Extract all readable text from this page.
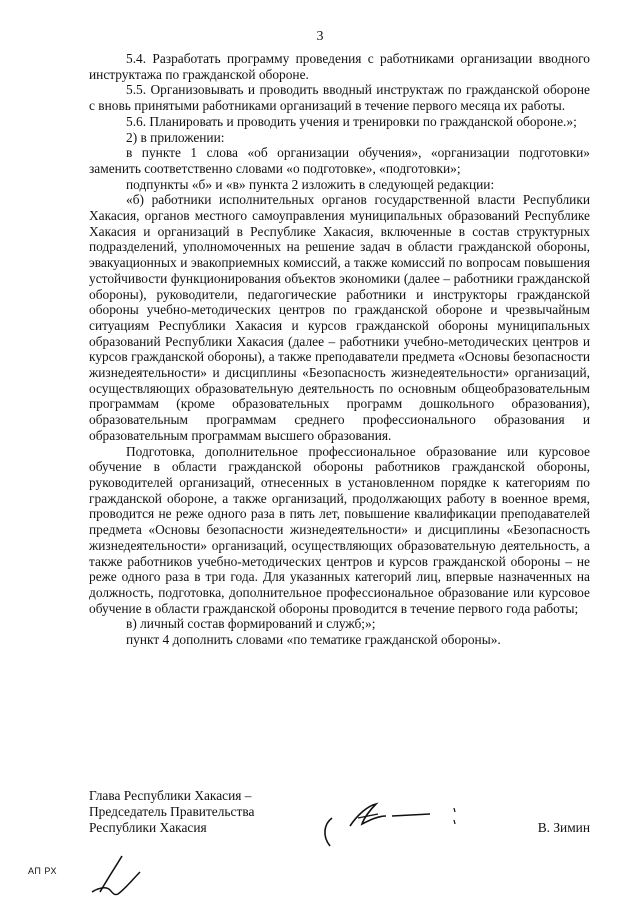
3

5.4. Разработать программу проведения с работниками организации вводного инструктажа по гражданской обороне.

5.5. Организовывать и проводить вводный инструктаж по гражданской обороне с вновь принятыми работниками организаций в течение первого месяца их работы.

5.6. Планировать и проводить учения и тренировки по гражданской обороне.»;

2) в приложении:

в пункте 1 слова «об организации обучения», «организации подготовки» заменить соответственно словами «о подготовке», «подготовки»;

подпункты «б» и «в» пункта 2 изложить в следующей редакции:

«б) работники исполнительных органов государственной власти Республики Хакасия, органов местного самоуправления муниципальных образований Республике Хакасия и организаций в Республике Хакасия, включенные в состав структурных подразделений, уполномоченных на решение задач в области гражданской обороны, эвакуационных и эвакоприемных комиссий, а также комиссий по вопросам повышения устойчивости функционирования объектов экономики (далее – работники гражданской обороны), руководители, педагогические работники и инструкторы гражданской обороны учебно-методических центров по гражданской обороне и чрезвычайным ситуациям Республики Хакасия и курсов гражданской обороны муниципальных образований Республики Хакасия (далее – работники учебно-методических центров и курсов гражданской обороны), а также преподаватели предмета «Основы безопасности жизнедеятельности» и дисциплины «Безопасность жизнедеятельности» организаций, осуществляющих образовательную деятельность по основным общеобразовательным программам (кроме образовательных программ дошкольного образования), образовательным программам среднего профессионального образования и образовательным программам высшего образования.

Подготовка, дополнительное профессиональное образование или курсовое обучение в области гражданской обороны работников гражданской обороны, руководителей организаций, отнесенных в установленном порядке к категориям по гражданской обороне, а также организаций, продолжающих работу в военное время, проводится не реже одного раза в пять лет, повышение квалификации преподавателей предмета «Основы безопасности жизнедеятельности» и дисциплины «Безопасность жизнедеятельности» организаций, осуществляющих образовательную деятельность, а также работников учебно-методических центров и курсов гражданской обороны – не реже одного раза в три года. Для указанных категорий лиц, впервые назначенных на должность, подготовка, дополнительное профессиональное образование или курсовое обучение в области гражданской обороны проводится в течение первого года работы;

в) личный состав формирований и служб;»;

пункт 4 дополнить словами «по тематике гражданской обороны».

Глава Республики Хакасия –
Председатель Правительства
Республики Хакасия	В. Зимин
АП РХ
